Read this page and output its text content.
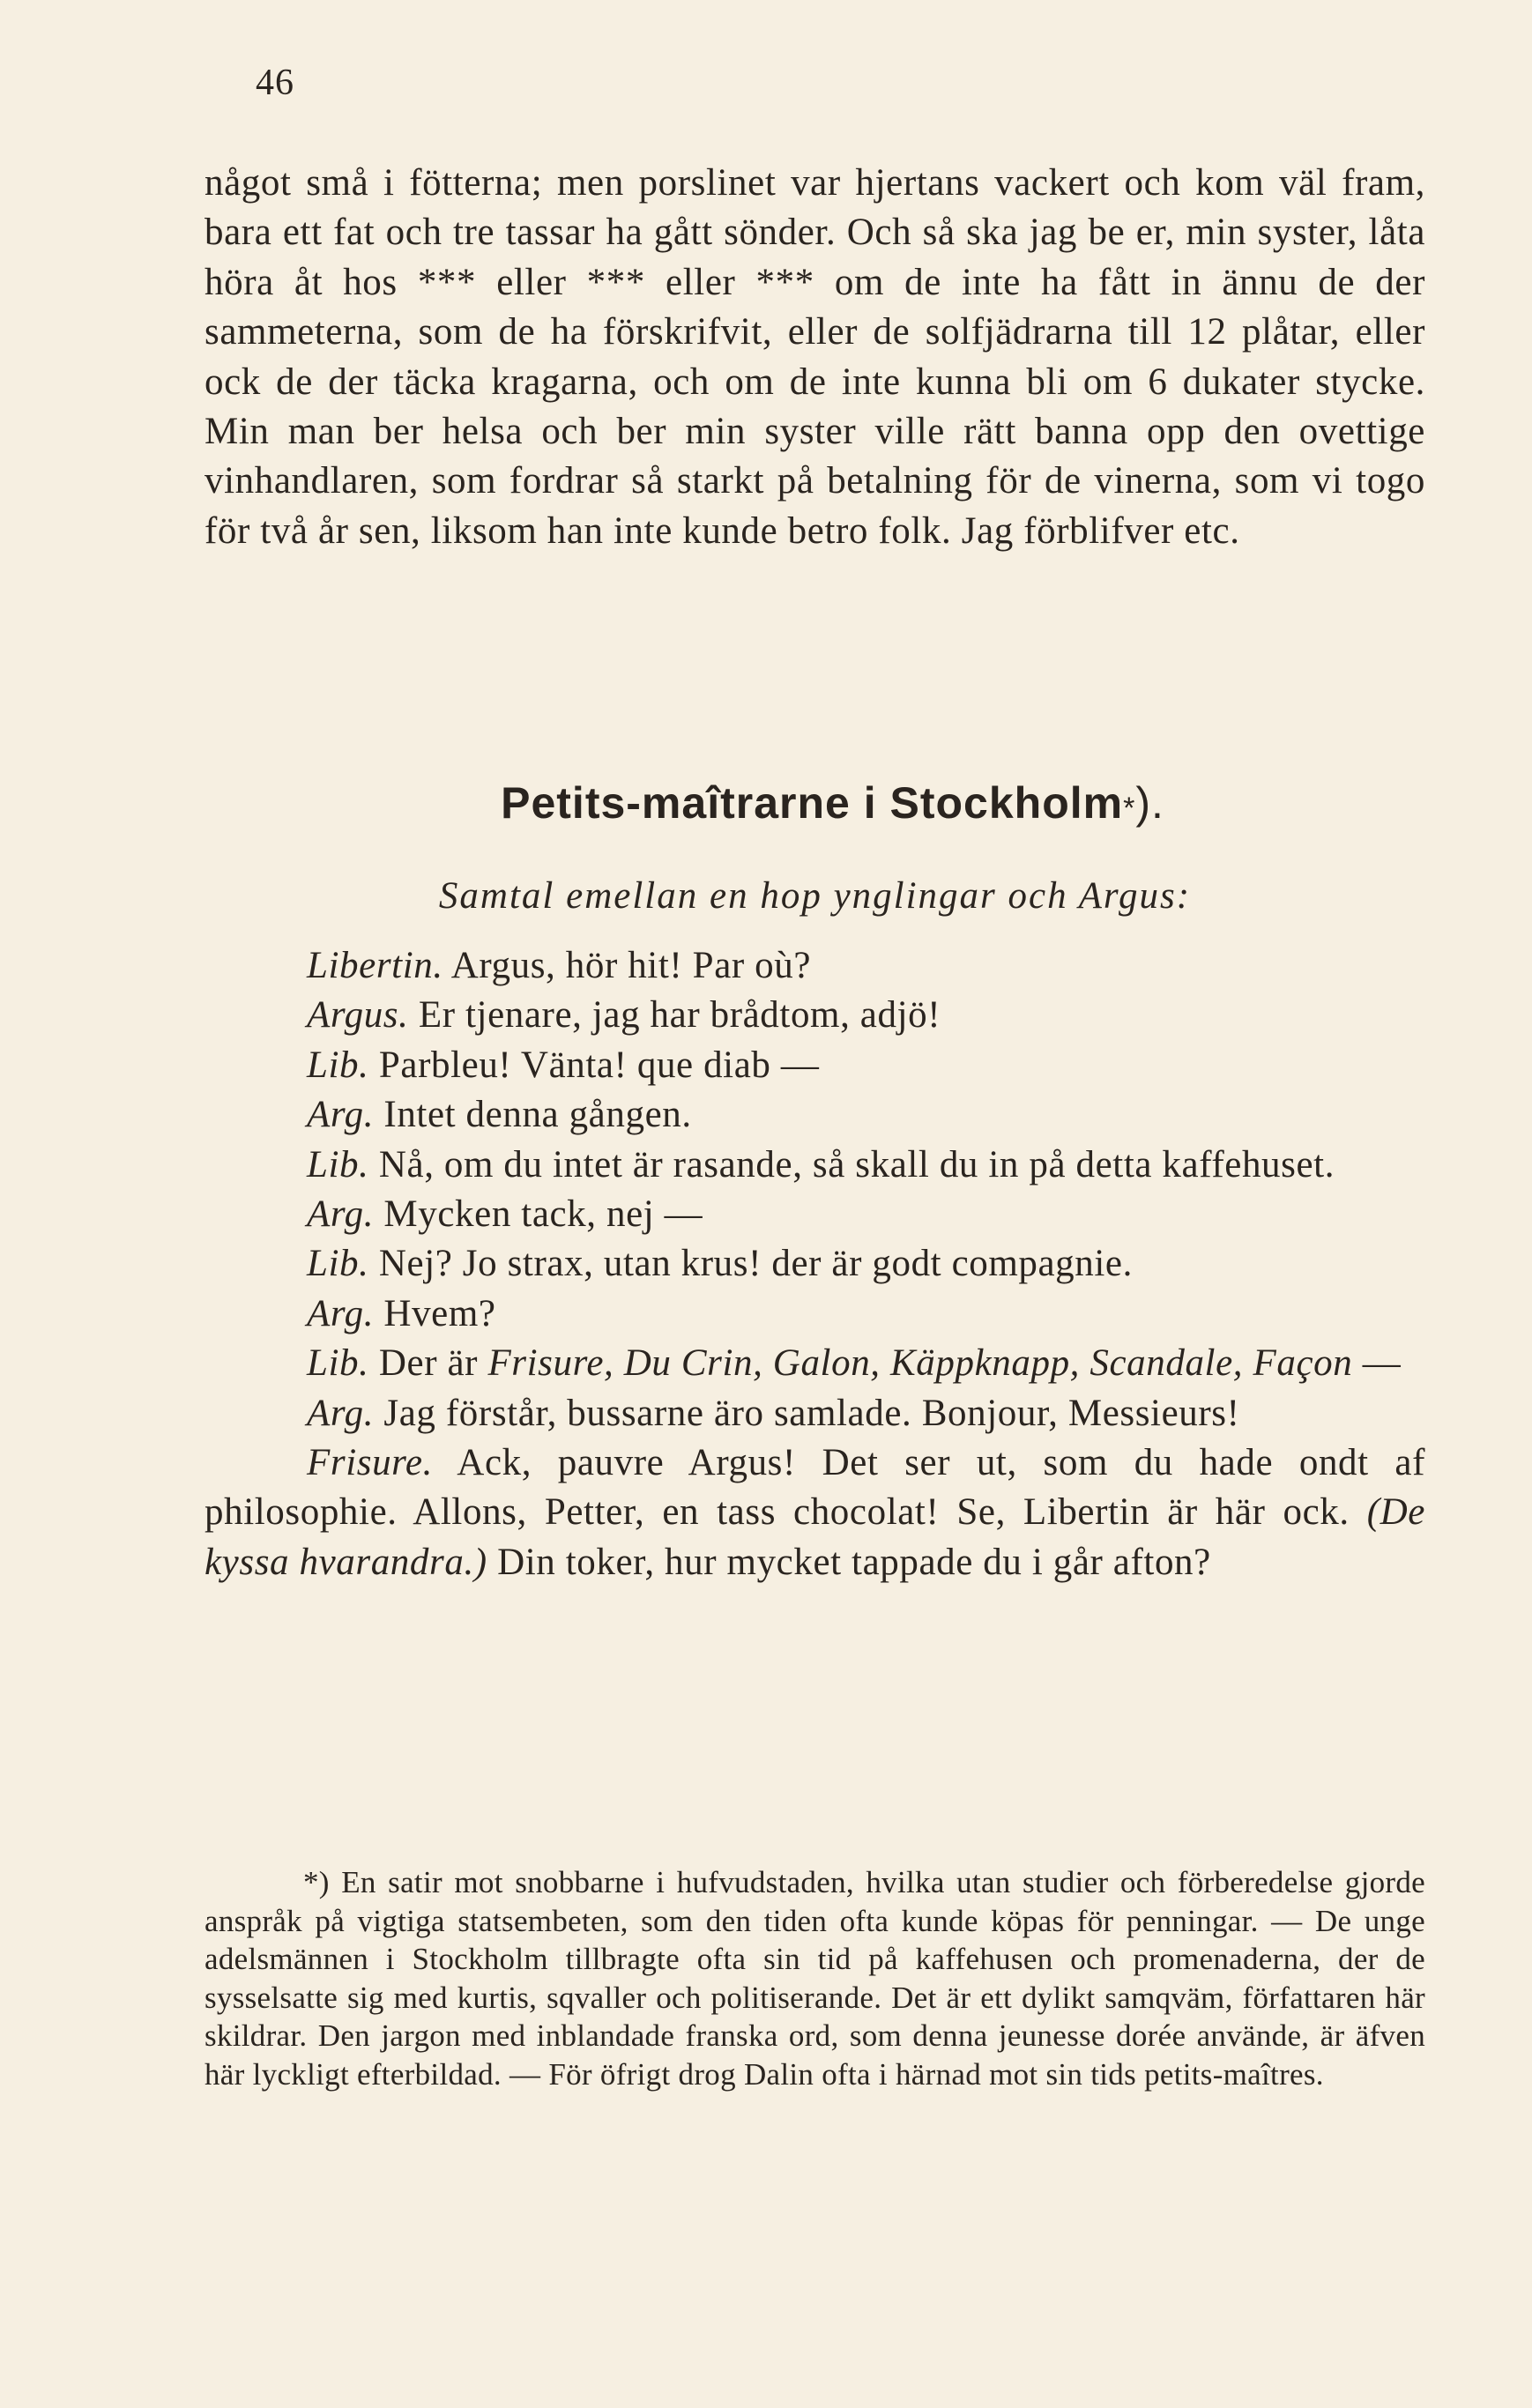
46

något små i fötterna; men porslinet var hjertans vackert och kom väl fram, bara ett fat och tre tassar ha gått sönder. Och så ska jag be er, min syster, låta höra åt hos *** eller *** eller *** om de inte ha fått in ännu de der sammeterna, som de ha förskrifvit, eller de solfjädrarna till 12 plåtar, eller ock de der täcka kragarna, och om de inte kunna bli om 6 dukater stycke. Min man ber helsa och ber min syster ville rätt banna opp den ovettige vinhandlaren, som fordrar så starkt på betalning för de vinerna, som vi togo för två år sen, liksom han inte kunde betro folk. Jag förblifver etc.

Petits-maîtrarne i Stockholm*).
Samtal emellan en hop ynglingar och Argus:

Libertin. Argus, hör hit! Par où?

Argus. Er tjenare, jag har brådtom, adjö!

Lib. Parbleu! Vänta! que diab —

Arg. Intet denna gången.

Lib. Nå, om du intet är rasande, så skall du in på detta kaffehuset.

Arg. Mycken tack, nej —

Lib. Nej? Jo strax, utan krus! der är godt compagnie.

Arg. Hvem?

Lib. Der är Frisure, Du Crin, Galon, Käppknapp, Scandale, Façon —

Arg. Jag förstår, bussarne äro samlade. Bonjour, Messieurs!

Frisure. Ack, pauvre Argus! Det ser ut, som du hade ondt af philosophie. Allons, Petter, en tass chocolat! Se, Libertin är här ock. (De kyssa hvarandra.) Din toker, hur mycket tappade du i går afton?

*) En satir mot snobbarne i hufvudstaden, hvilka utan studier och förberedelse gjorde anspråk på vigtiga statsembeten, som den tiden ofta kunde köpas för penningar. — De unge adelsmännen i Stockholm tillbragte ofta sin tid på kaffehusen och promenaderna, der de sysselsatte sig med kurtis, sqvaller och politiserande. Det är ett dylikt samqväm, författaren här skildrar. Den jargon med inblandade franska ord, som denna jeunesse dorée använde, är äfven här lyckligt efterbildad. — För öfrigt drog Dalin ofta i härnad mot sin tids petits-maîtres.
